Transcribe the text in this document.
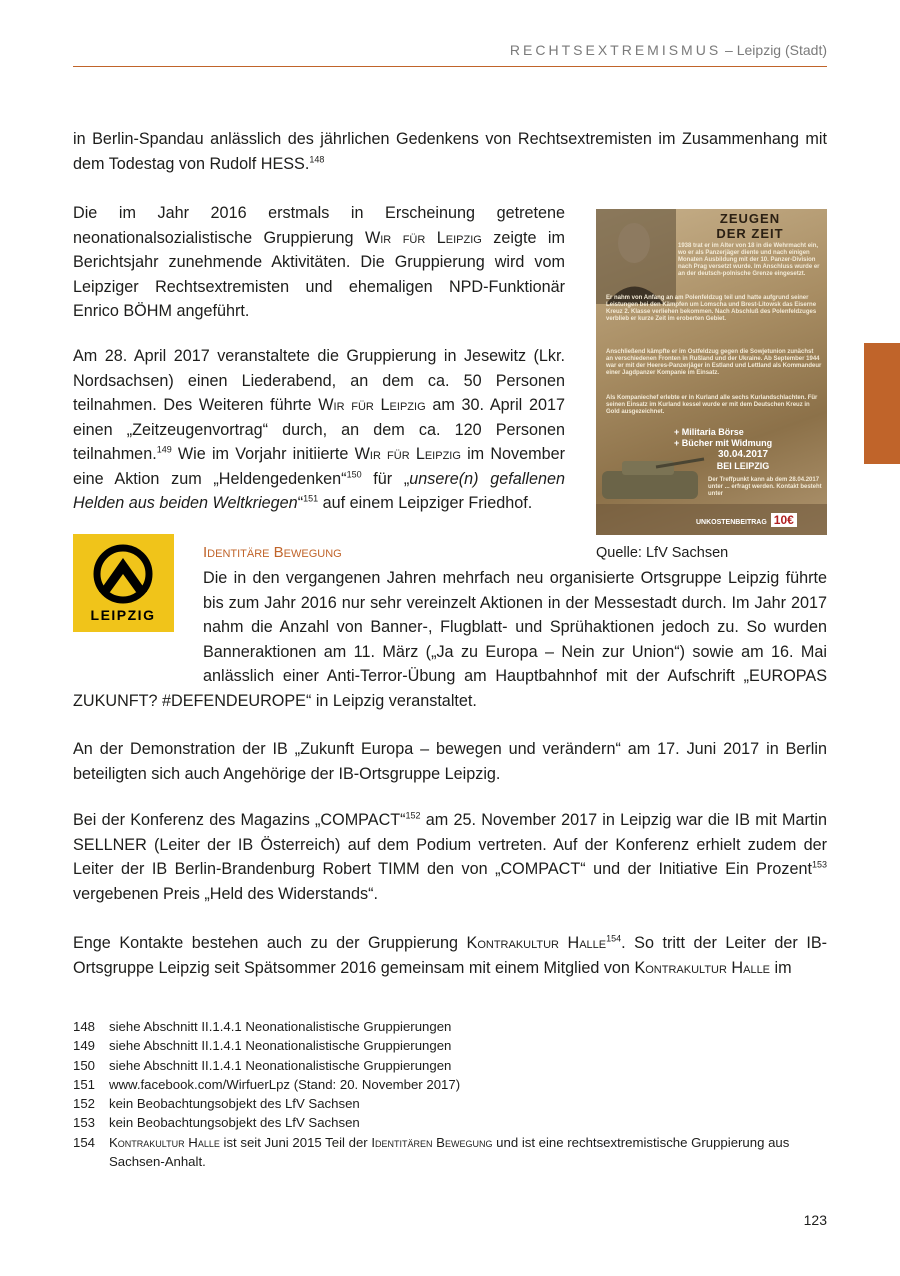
RECHTSEXTREMISMUS – Leipzig (Stadt)

in Berlin-Spandau anlässlich des jährlichen Gedenkens von Rechtsextremisten im Zusammenhang mit dem Todestag von Rudolf HESS.$^{148}$

Die im Jahr 2016 erstmals in Erscheinung getretene neonationalsozialistische Gruppierung Wir für Leipzig zeigte im Berichtsjahr zunehmende Aktivitäten. Die Gruppierung wird vom Leipziger Rechtsextremisten und ehemaligen NPD-Funktionär Enrico BÖHM angeführt.

Am 28. April 2017 veranstaltete die Gruppierung in Jesewitz (Lkr. Nordsachsen) einen Liederabend, an dem ca. 50 Personen teilnahmen. Des Weiteren führte Wir für Leipzig am 30. April 2017 einen „Zeitzeugenvortrag“ durch, an dem ca. 120 Personen teilnahmen.$^{149}$ Wie im Vorjahr initiierte Wir für Leipzig im November eine Aktion zum „Heldengedenken“$^{150}$ für „unsere(n) gefallenen Helden aus beiden Weltkriegen“$^{151}$ auf einem Leipziger Friedhof.

ZEUGEN
DER ZEIT
1938 trat er im Alter von 18 in die Wehrmacht ein, wo er als Panzerjäger diente und nach einigen Monaten Ausbildung mit der 10. Panzer-Division nach Prag versetzt wurde. Im Anschluss wurde er an der deutsch-polnische Grenze eingesetzt.
Er nahm von Anfang an am Polenfeldzug teil und hatte aufgrund seiner Leistungen bei den Kämpfen um Lomscha und Brest-Litowsk das Eiserne Kreuz 2. Klasse verliehen bekommen. Nach Abschluß des Polenfeldzuges verblieb er kurze Zeit im eroberten Gebiet.
Anschließend kämpfte er im Ostfeldzug gegen die Sowjetunion zunächst an verschiedenen Fronten in Rußland und der Ukraine. Ab September 1944 war er mit der Heeres-Panzerjäger in Estland und Lettland als Kommandeur einer Jagdpanzer Kompanie im Einsatz.
Als Kompaniechef erlebte er in Kurland alle sechs Kurlandschlachten. Für seinen Einsatz im Kurland kessel wurde er mit dem Deutschen Kreuz in Gold ausgezeichnet.
+ Militaria Börse
+ Bücher mit Widmung
30.04.2017
BEI LEIPZIG
Der Treffpunkt kann ab dem 28.04.2017 unter ... erfragt werden. Kontakt besteht unter
UNKOSTENBEITRAG 10€

Quelle: LfV Sachsen

LEIPZIG
Identitäre Bewegung

Die in den vergangenen Jahren mehrfach neu organisierte Ortsgruppe Leipzig führte bis zum Jahr 2016 nur sehr vereinzelt Aktionen in der Messestadt durch. Im Jahr 2017 nahm die Anzahl von Banner-, Flugblatt- und Sprühaktionen jedoch zu. So wurden Banneraktionen am 11. März („Ja zu Europa – Nein zur Union“) sowie am 16. Mai anlässlich einer Anti-Terror-Übung am Hauptbahnhof mit der Aufschrift „EUROPAS ZUKUNFT? #DEFENDEUROPE“ in Leipzig veranstaltet.

An der Demonstration der IB „Zukunft Europa – bewegen und verändern“ am 17. Juni 2017 in Berlin beteiligten sich auch Angehörige der IB-Ortsgruppe Leipzig.

Bei der Konferenz des Magazins „COMPACT“$^{152}$ am 25. November 2017 in Leipzig war die IB mit Martin SELLNER (Leiter der IB Österreich) auf dem Podium vertreten. Auf der Konferenz erhielt zudem der Leiter der IB Berlin-Brandenburg Robert TIMM den von „COMPACT“ und der Initiative Ein Prozent$^{153}$ vergebenen Preis „Held des Widerstands“.

Enge Kontakte bestehen auch zu der Gruppierung Kontrakultur Halle$^{154}$. So tritt der Leiter der IB-Ortsgruppe Leipzig seit Spätsommer 2016 gemeinsam mit einem Mitglied von Kontrakultur Halle im

148	siehe Abschnitt II.1.4.1 Neonationalistische Gruppierungen
149	siehe Abschnitt II.1.4.1 Neonationalistische Gruppierungen
150	siehe Abschnitt II.1.4.1 Neonationalistische Gruppierungen
151	www.facebook.com/WirfuerLpz (Stand: 20. November 2017)
152	kein Beobachtungsobjekt des LfV Sachsen
153	kein Beobachtungsobjekt des LfV Sachsen
154	Kontrakultur Halle ist seit Juni 2015 Teil der Identitären Bewegung und ist eine rechtsextremistische Gruppierung aus Sachsen-Anhalt.
123
